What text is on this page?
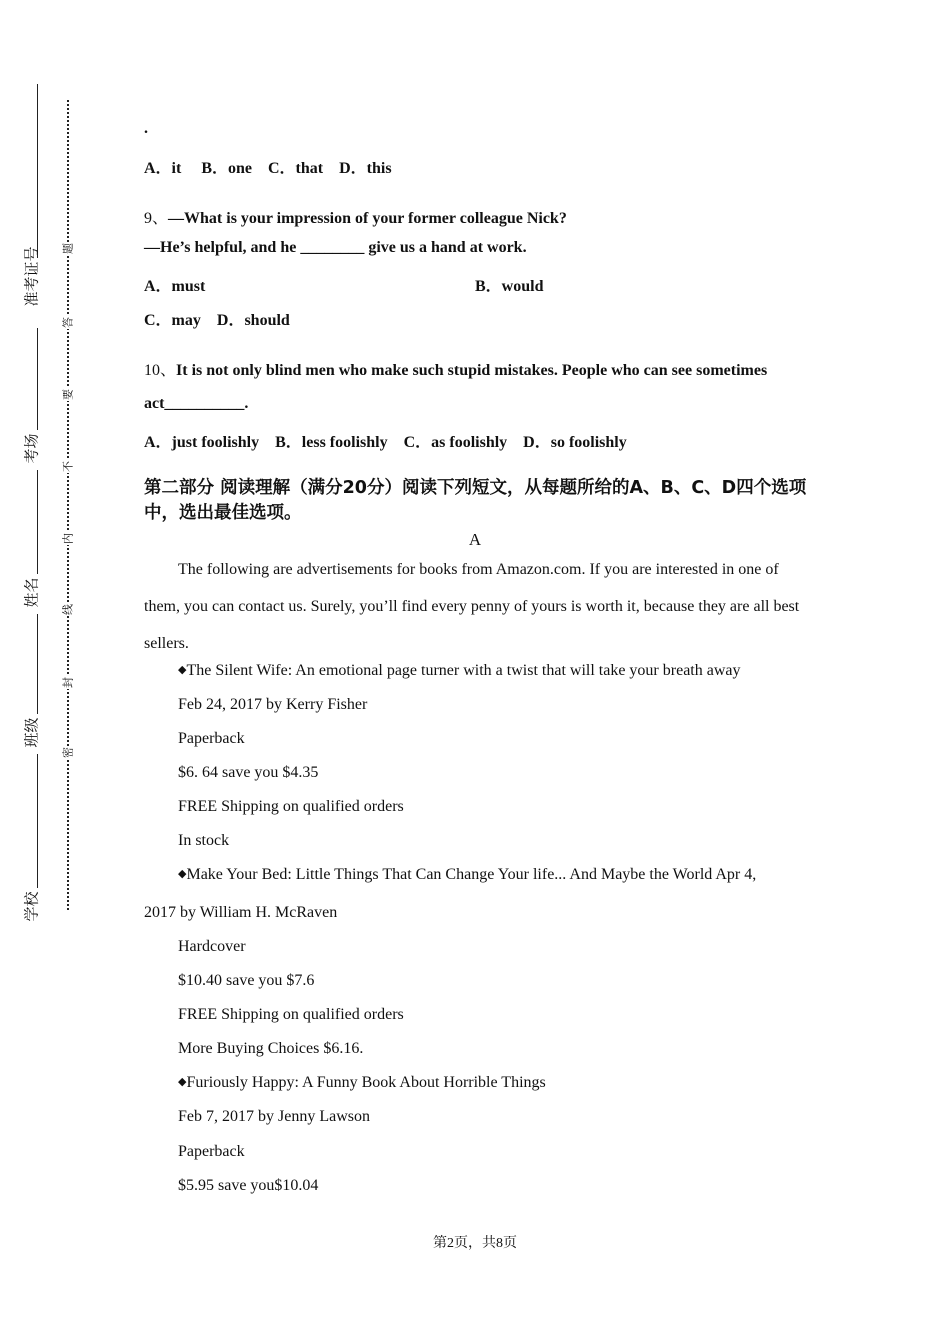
准考证号
考场
姓名
班级
学校
题
答
要
不
内
线
封
密
.
A．it　 B．one　C．that　D．this
9、—What is your impression of your former colleague Nick?
—He’s helpful, and he ________ give us a hand at work.
A．must	B．would
C．may　D．should
10、It is not only blind men who make such stupid mistakes. People who can see sometimes
act__________.
A．just foolishly　B．less foolishly　C．as foolishly　D．so foolishly
第二部分 阅读理解（满分20分）阅读下列短文，从每题所给的A、B、C、D四个选项中，选出最佳选项。
A
The following are advertisements for books from Amazon.com. If you are interested in one of them, you can contact us. Surely, you’ll find every penny of yours is worth it, because they are all best sellers.
◆The Silent Wife: An emotional page turner with a twist that will take your breath away
Feb 24, 2017 by Kerry Fisher
Paperback
$6. 64 save you $4.35
FREE Shipping on qualified orders
In stock
◆Make Your Bed: Little Things That Can Change Your life... And Maybe the World Apr 4,
2017 by William H. McRaven
Hardcover
$10.40 save you $7.6
FREE Shipping on qualified orders
More Buying Choices $6.16.
◆Furiously Happy: A Funny Book About Horrible Things
Feb 7, 2017 by Jenny Lawson
Paperback
$5.95 save you$10.04
第2页，共8页
